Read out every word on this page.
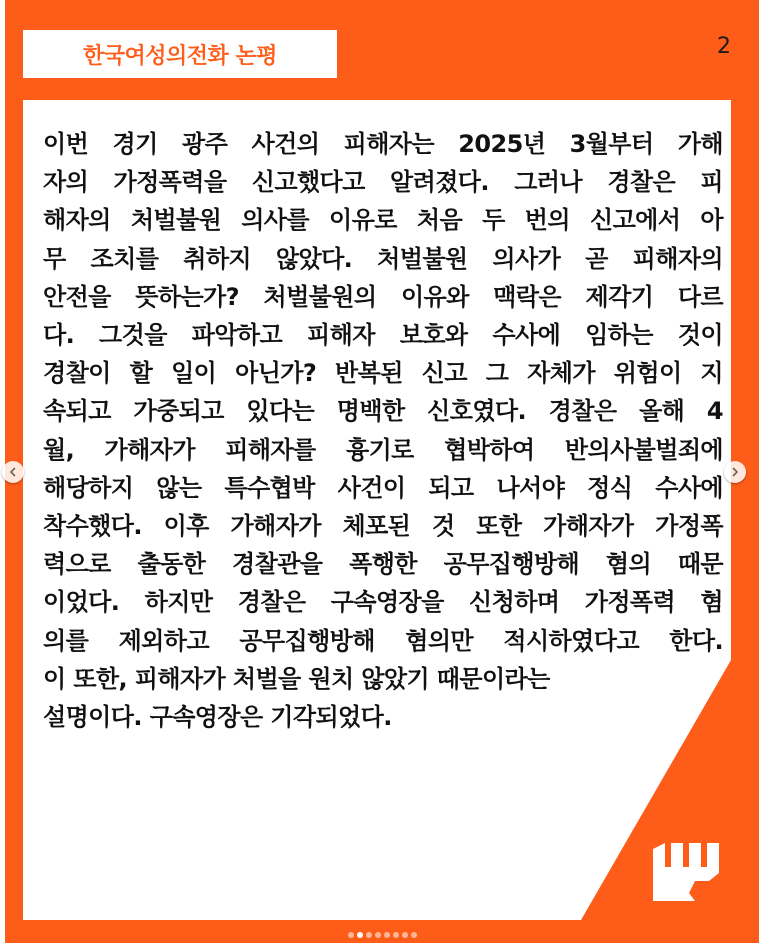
한국여성의전화 논평	2
이번 경기 광주 사건의 피해자는 2025년 3월부터 가해
자의 가정폭력을 신고했다고 알려졌다. 그러나 경찰은 피
해자의 처벌불원 의사를 이유로 처음 두 번의 신고에서 아
무 조치를 취하지 않았다. 처벌불원 의사가 곧 피해자의
안전을 뜻하는가? 처벌불원의 이유와 맥락은 제각기 다르
다. 그것을 파악하고 피해자 보호와 수사에 임하는 것이
경찰이 할 일이 아닌가? 반복된 신고 그 자체가 위험이 지
속되고 가중되고 있다는 명백한 신호였다. 경찰은 올해 4
월, 가해자가 피해자를 흉기로 협박하여 반의사불벌죄에
해당하지 않는 특수협박 사건이 되고 나서야 정식 수사에
착수했다. 이후 가해자가 체포된 것 또한 가해자가 가정폭
력으로 출동한 경찰관을 폭행한 공무집행방해 혐의 때문
이었다. 하지만 경찰은 구속영장을 신청하며 가정폭력 혐
의를 제외하고 공무집행방해 혐의만 적시하였다고 한다.
이 또한, 피해자가 처벌을 원치 않았기 때문이라는
설명이다. 구속영장은 기각되었다.
